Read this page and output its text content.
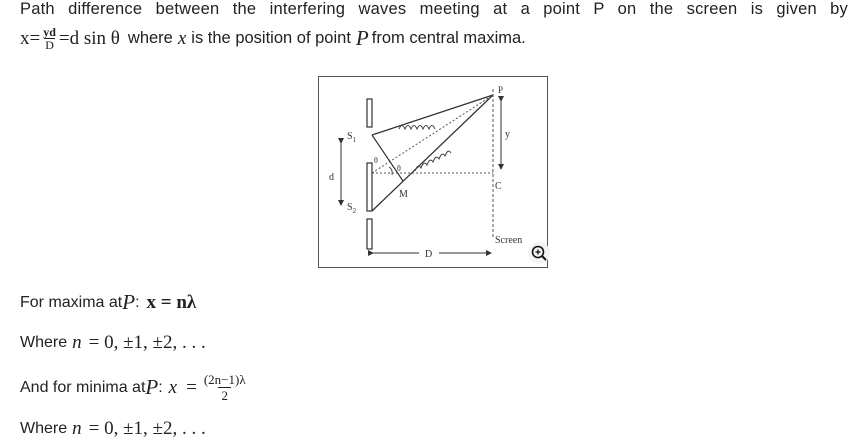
Path difference between the interfering waves meeting at a point P on the screen is given by
$x = \frac{yd}{D} =d$ sin θ where x is the position of point P from central maxima.
d
$S_1$
$S_2$
θ
θ
M
P
y
C
D
Screen
For maxima at P : x = nλ
Where n = 0, ±1, ±2, . . .
And for minima at P : $x = \frac{(2n-1)\lambda}{2}$
Where n = 0, ±1, ±2, . . .
